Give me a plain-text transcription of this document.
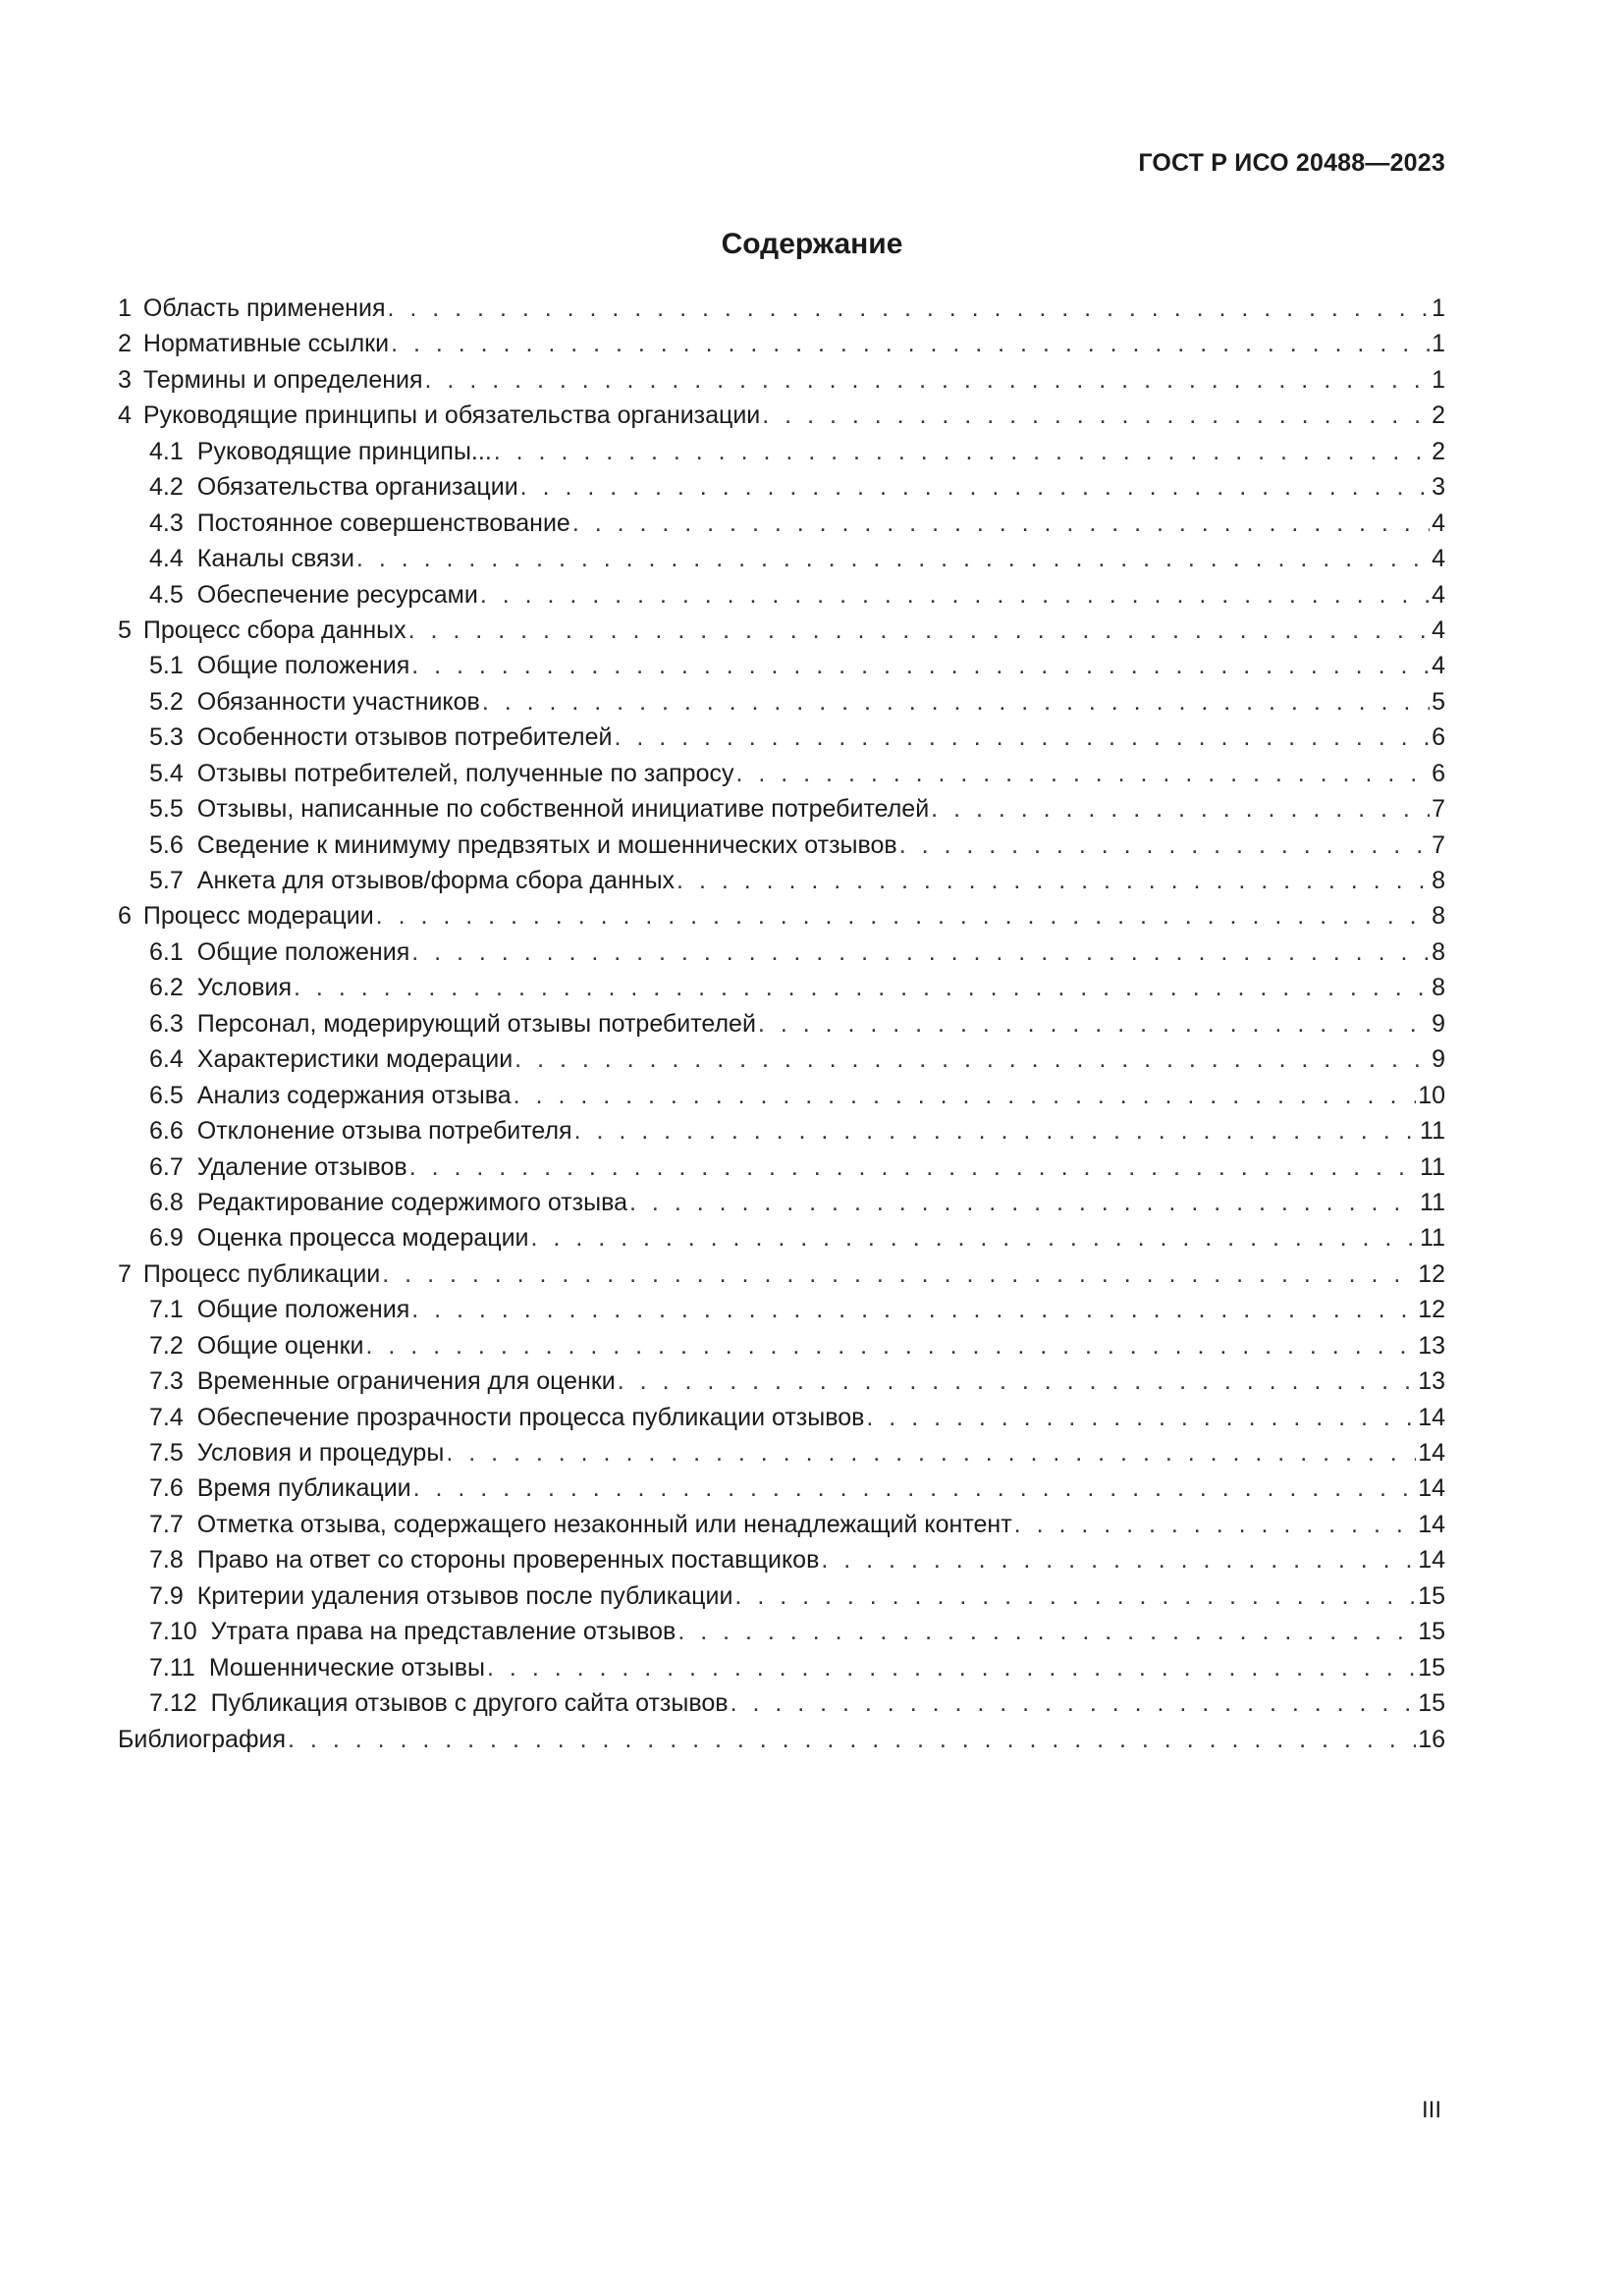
ГОСТ Р ИСО 20488—2023
Содержание
1 Область применения . . .	1
2 Нормативные ссылки . . .	1
3 Термины и определения . . .	1
4 Руководящие принципы и обязательства организации . . .	2
4.1 Руководящие принципы... . . .	2
4.2 Обязательства организации . . .	3
4.3 Постоянное совершенствование . . .	4
4.4 Каналы связи . . .	4
4.5 Обеспечение ресурсами . . .	4
5 Процесс сбора данных . . .	4
5.1 Общие положения . . .	4
5.2 Обязанности участников . . .	5
5.3 Особенности отзывов потребителей . . .	6
5.4 Отзывы потребителей, полученные по запросу . . .	6
5.5 Отзывы, написанные по собственной инициативе потребителей . . .	7
5.6 Сведение к минимуму предвзятых и мошеннических отзывов . . .	7
5.7 Анкета для отзывов/форма сбора данных . . .	8
6 Процесс модерации . . .	8
6.1 Общие положения . . .	8
6.2 Условия . . .	8
6.3 Персонал, модерирующий отзывы потребителей . . .	9
6.4 Характеристики модерации . . .	9
6.5 Анализ содержания отзыва . . .	10
6.6 Отклонение отзыва потребителя . . .	11
6.7 Удаление отзывов . . .	11
6.8 Редактирование содержимого отзыва . . .	11
6.9 Оценка процесса модерации . . .	11
7 Процесс публикации . . .	12
7.1 Общие положения . . .	12
7.2 Общие оценки . . .	13
7.3 Временные ограничения для оценки . . .	13
7.4 Обеспечение прозрачности процесса публикации отзывов . . .	14
7.5 Условия и процедуры . . .	14
7.6 Время публикации . . .	14
7.7 Отметка отзыва, содержащего незаконный или ненадлежащий контент . . .	14
7.8 Право на ответ со стороны проверенных поставщиков . . .	14
7.9 Критерии удаления отзывов после публикации . . .	15
7.10 Утрата права на представление отзывов . . .	15
7.11 Мошеннические отзывы . . .	15
7.12 Публикация отзывов с другого сайта отзывов . . .	15
Библиография . . .	16
III
